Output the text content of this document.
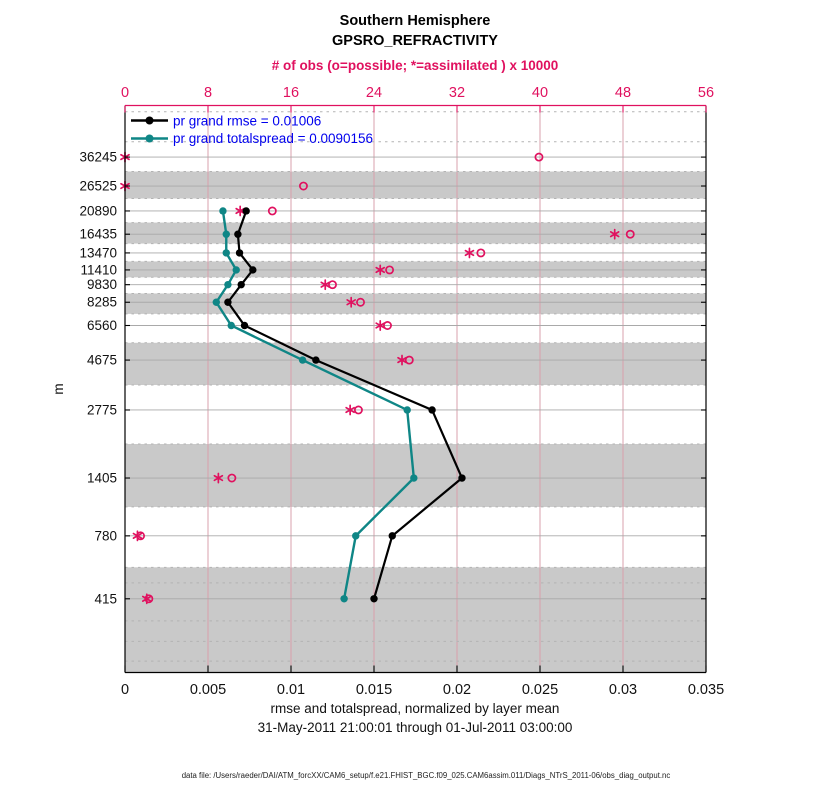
0	0.005	0.01	0.015	0.02	0.025	0.03	0.035
0	8	16	24	32	40	48	56
36245
26525
20890
16435
13470
11410
9830
8285
6560
4675
2775
1405
780
415
Southern Hemisphere
GPSRO_REFRACTIVITY
# of obs (o=possible; *=assimilated ) x 10000
pr grand rmse = 0.01006
pr grand totalspread = 0.0090156
rmse and totalspread, normalized by layer mean
31-May-2011 21:00:01 through 01-Jul-2011 03:00:00
m
data file: /Users/raeder/DAI/ATM_forcXX/CAM6_setup/f.e21.FHIST_BGC.f09_025.CAM6assim.011/Diags_NTrS_2011-06/obs_diag_output.nc
